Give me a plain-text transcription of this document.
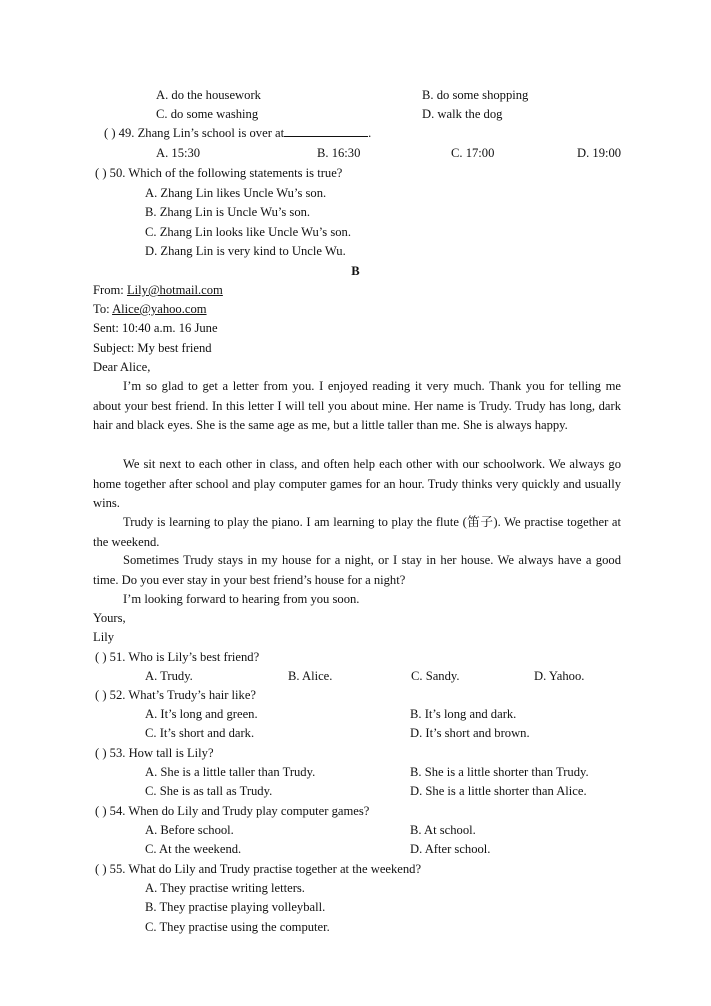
A. do the housework	B. do some shopping
C. do some washing	D. walk the dog
( ) 49. Zhang Lin’s school is over at	.
A. 15:30	B. 16:30	C. 17:00	D. 19:00
( ) 50. Which of the following statements is true?
A. Zhang Lin likes Uncle Wu’s son.
B. Zhang Lin is Uncle Wu’s son.
C. Zhang Lin looks like Uncle Wu’s son.
D. Zhang Lin is very kind to Uncle Wu.
B
From: Lily@hotmail.com
To: Alice@yahoo.com
Sent: 10:40 a.m. 16 June
Subject: My best friend
Dear Alice,
I’m so glad to get a letter from you. I enjoyed reading it very much. Thank you for telling me about your best friend. In this letter I will tell you about mine. Her name is Trudy. Trudy has long, dark hair and black eyes. She is the same age as me, but a little taller than me. She is always happy.
We sit next to each other in class, and often help each other with our schoolwork. We always go home together after school and play computer games for an hour. Trudy thinks very quickly and usually wins.
Trudy is learning to play the piano. I am learning to play the flute (笛子). We practise together at the weekend.
Sometimes Trudy stays in my house for a night, or I stay in her house. We always have a good time. Do you ever stay in your best friend’s house for a night?
I’m looking forward to hearing from you soon.
Yours,
Lily
( ) 51. Who is Lily’s best friend?
A. Trudy.	B. Alice.	C. Sandy.	D. Yahoo.
( ) 52. What’s Trudy’s hair like?
A. It’s long and green.	B. It’s long and dark.
C. It’s short and dark.	D. It’s short and brown.
( ) 53. How tall is Lily?
A. She is a little taller than Trudy.	B. She is a little shorter than Trudy.
C. She is as tall as Trudy.	D. She is a little shorter than Alice.
( ) 54. When do Lily and Trudy play computer games?
A. Before school.	B. At school.
C. At the weekend.	D. After school.
( ) 55. What do Lily and Trudy practise together at the weekend?
A. They practise writing letters.
B. They practise playing volleyball.
C. They practise using the computer.
